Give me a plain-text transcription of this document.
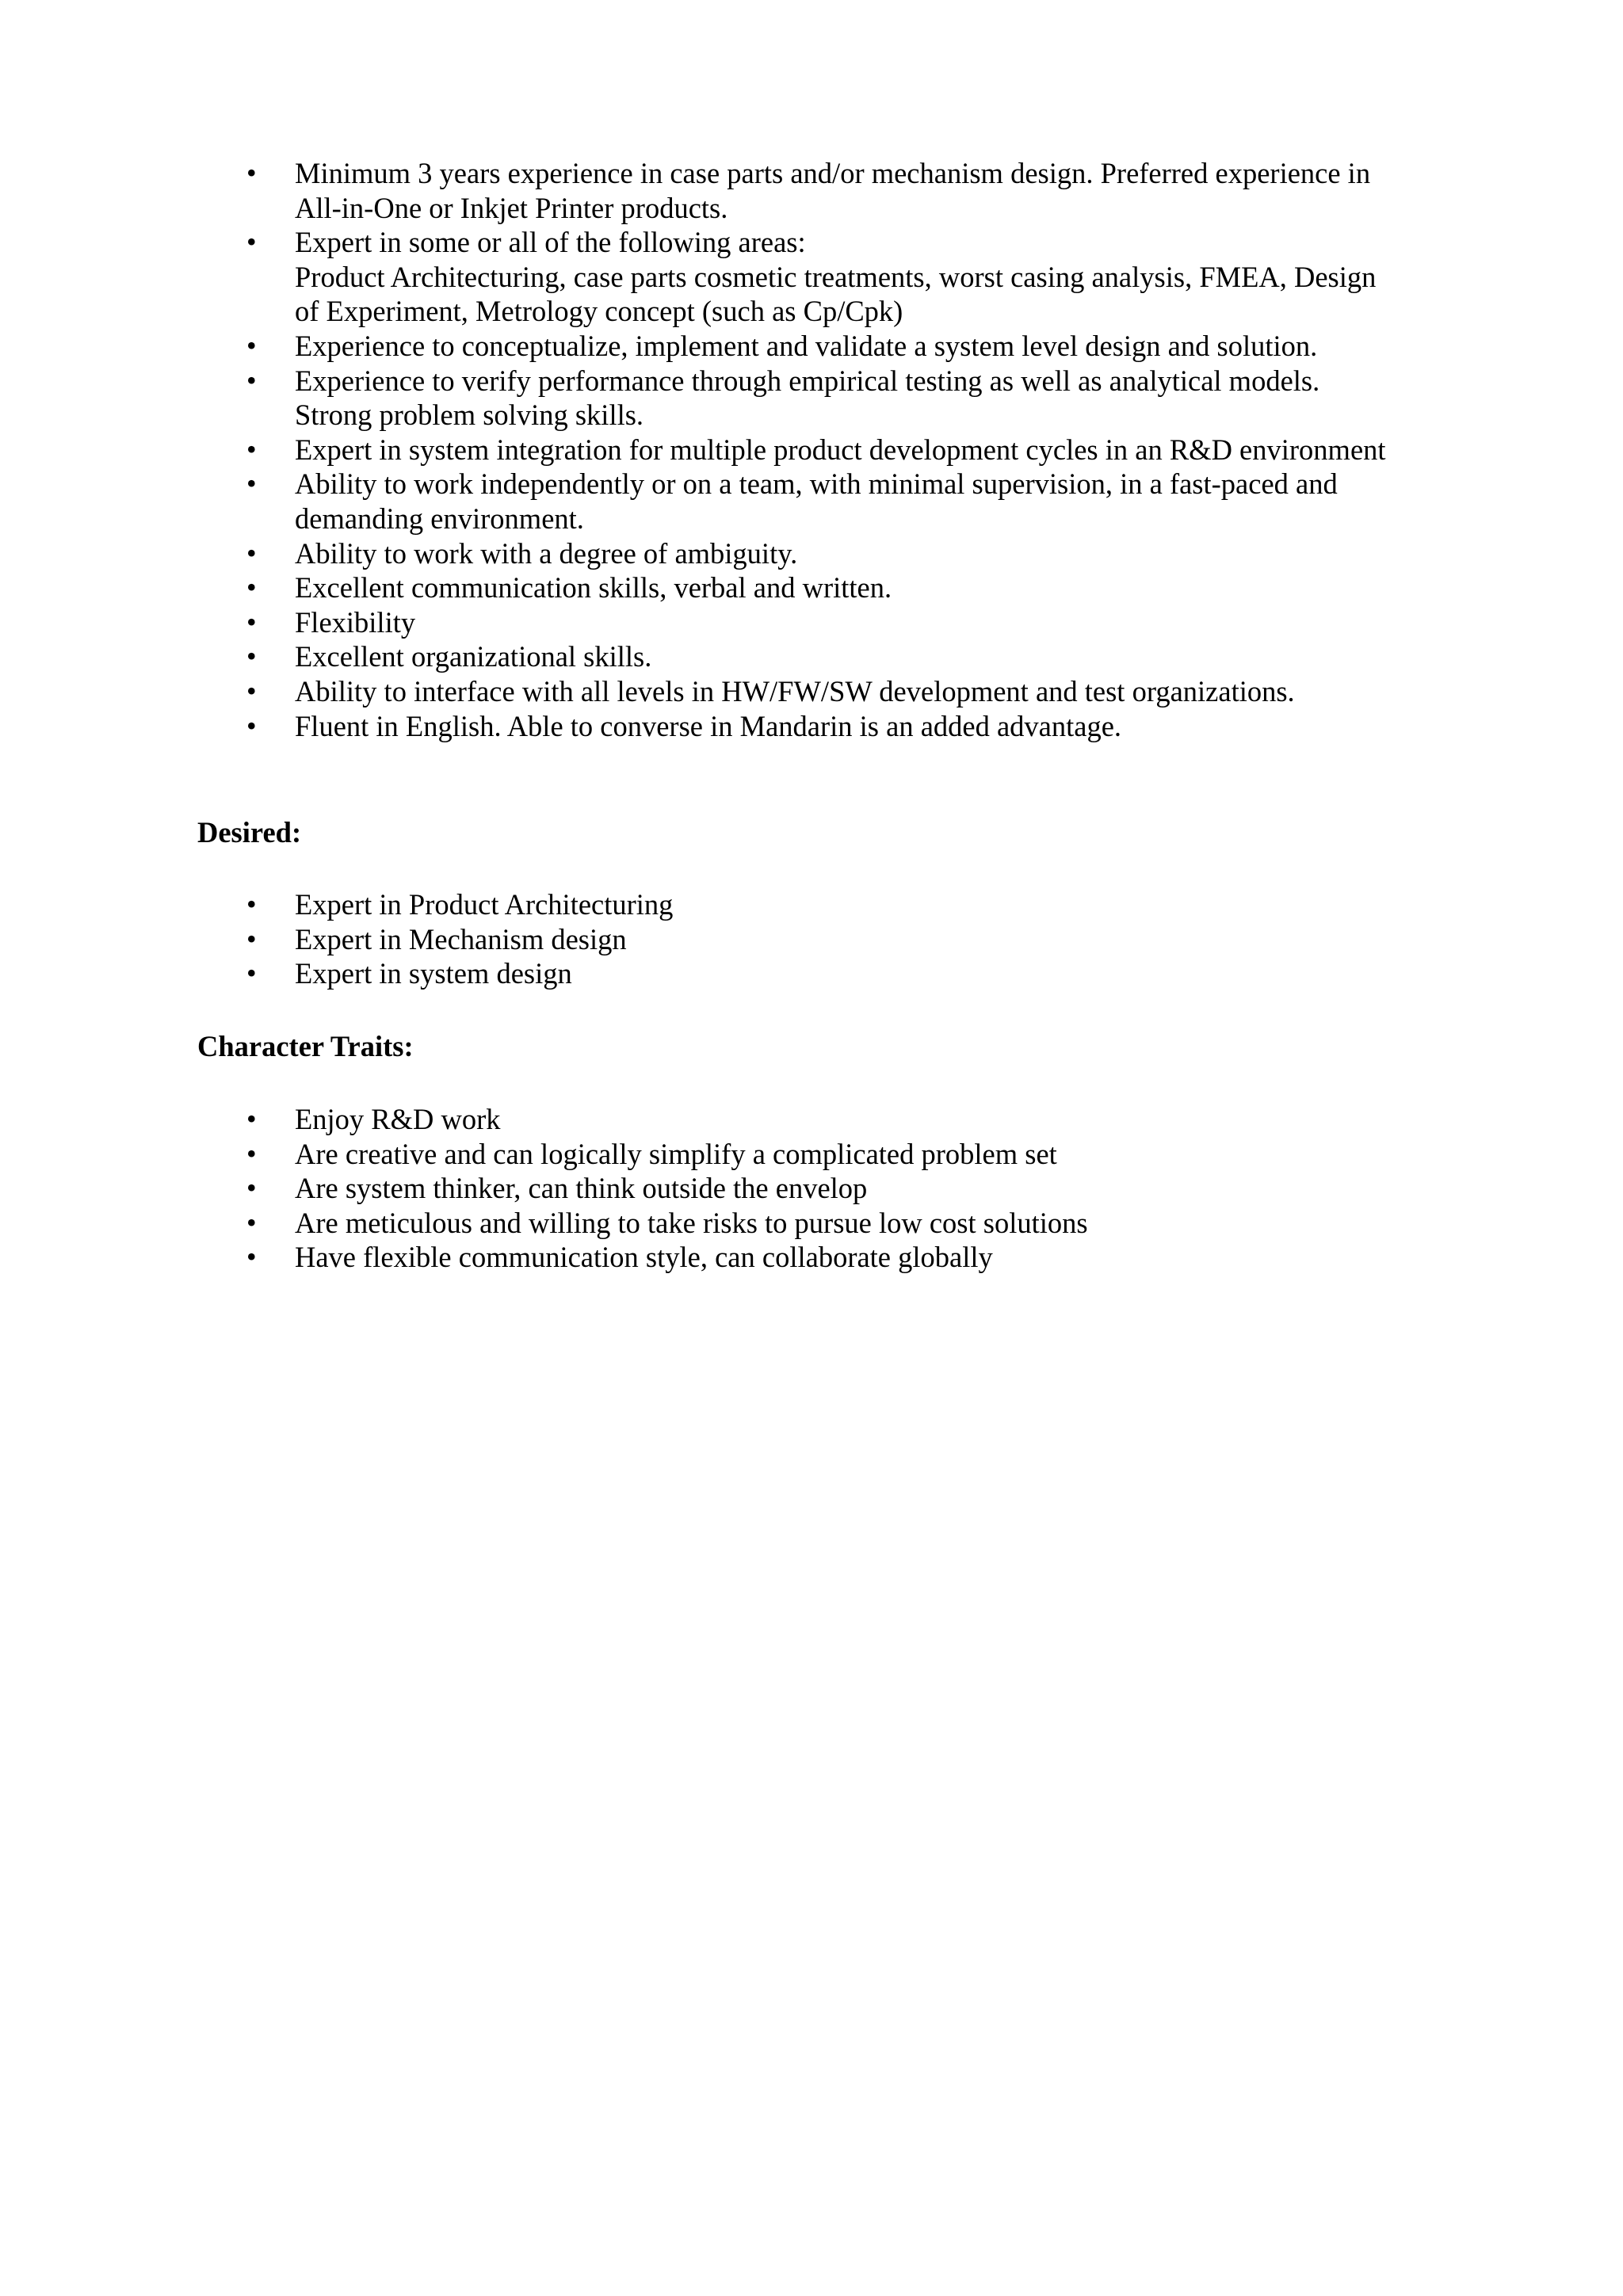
• Minimum 3 years experience in case parts and/or mechanism design. Preferred experience in
All-in-One or Inkjet Printer products.
• Expert in some or all of the following areas:
Product Architecturing, case parts cosmetic treatments, worst casing analysis, FMEA, Design
of Experiment, Metrology concept (such as Cp/Cpk)
• Experience to conceptualize, implement and validate a system level design and solution.
• Experience to verify performance through empirical testing as well as analytical models.
Strong problem solving skills.
• Expert in system integration for multiple product development cycles in an R&D environment
• Ability to work independently or on a team, with minimal supervision, in a fast-paced and
demanding environment.
• Ability to work with a degree of ambiguity.
• Excellent communication skills, verbal and written.
• Flexibility
• Excellent organizational skills.
• Ability to interface with all levels in HW/FW/SW development and test organizations.
• Fluent in English. Able to converse in Mandarin is an added advantage.
Desired:
• Expert in Product Architecturing
• Expert in Mechanism design
• Expert in system design
Character Traits:
• Enjoy R&D work
• Are creative and can logically simplify a complicated problem set
• Are system thinker, can think outside the envelop
• Are meticulous and willing to take risks to pursue low cost solutions
• Have flexible communication style, can collaborate globally
